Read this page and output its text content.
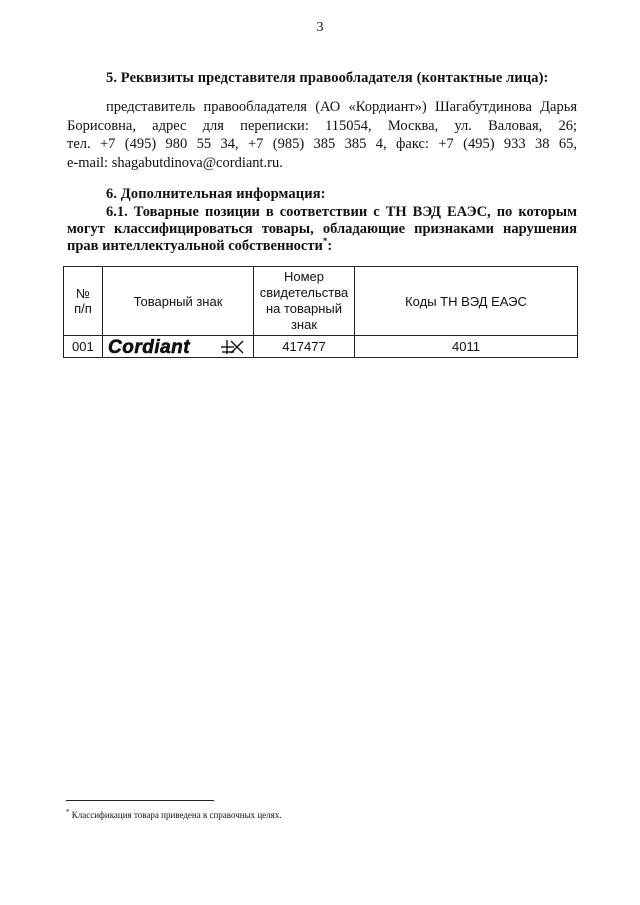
3
5. Реквизиты представителя правообладателя (контактные лица):
представитель правообладателя (АО «Кордиант») Шагабутдинова Дарья
Борисовна, адрес для переписки: 115054, Москва, ул. Валовая, 26;
тел. +7 (495) 980 55 34, +7 (985) 385 385 4, факс: +7 (495) 933 38 65,
e-mail: shagabutdinova@cordiant.ru.
6. Дополнительная информация:
6.1. Товарные позиции в соответствии с ТН ВЭД ЕАЭС, по которым
могут классифицироваться товары, обладающие признаками нарушения
прав интеллектуальной собственности*:
№
п/п	Товарный знак	Номер
свидетельства
на товарный
знак	Коды ТН ВЭД ЕАЭС
001	Cordiant	417477	4011
* Классификация товара приведена в справочных целях.
